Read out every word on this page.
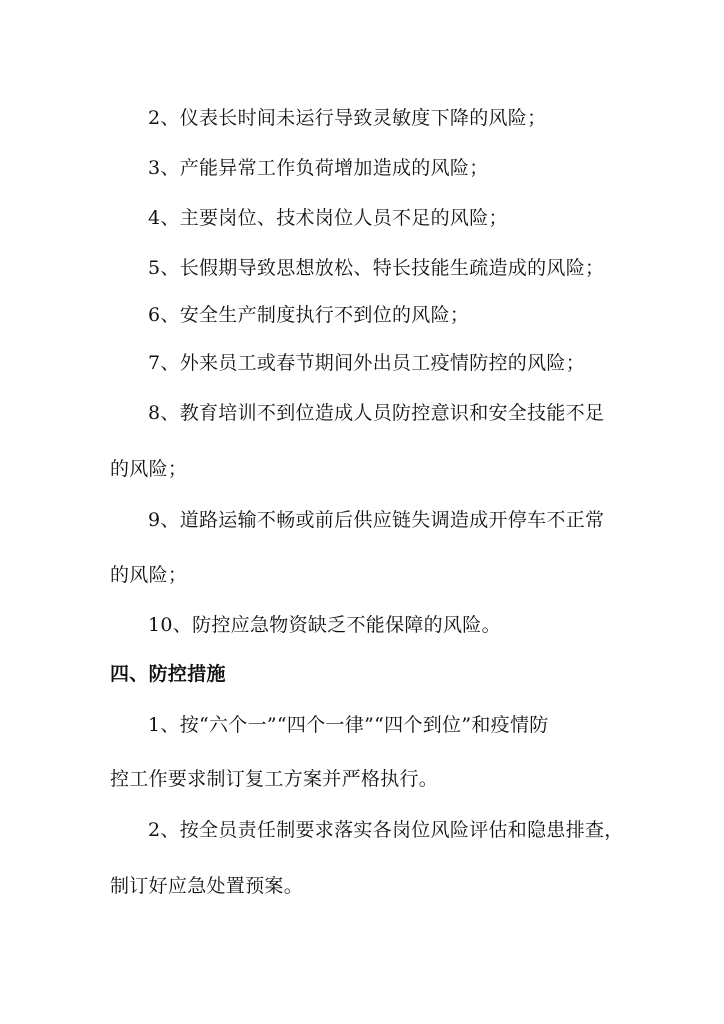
2、仪表长时间未运行导致灵敏度下降的风险；
3、产能异常工作负荷增加造成的风险；
4、主要岗位、技术岗位人员不足的风险；
5、长假期导致思想放松、特长技能生疏造成的风险；
6、安全生产制度执行不到位的风险；
7、外来员工或春节期间外出员工疫情防控的风险；
8、教育培训不到位造成人员防控意识和安全技能不足
的风险；
9、道路运输不畅或前后供应链失调造成开停车不正常
的风险；
10、防控应急物资缺乏不能保障的风险。
四、防控措施
1、按“六个一”“四个一律”“四个到位”和疫情防
控工作要求制订复工方案并严格执行。
2、按全员责任制要求落实各岗位风险评估和隐患排查，
制订好应急处置预案。
